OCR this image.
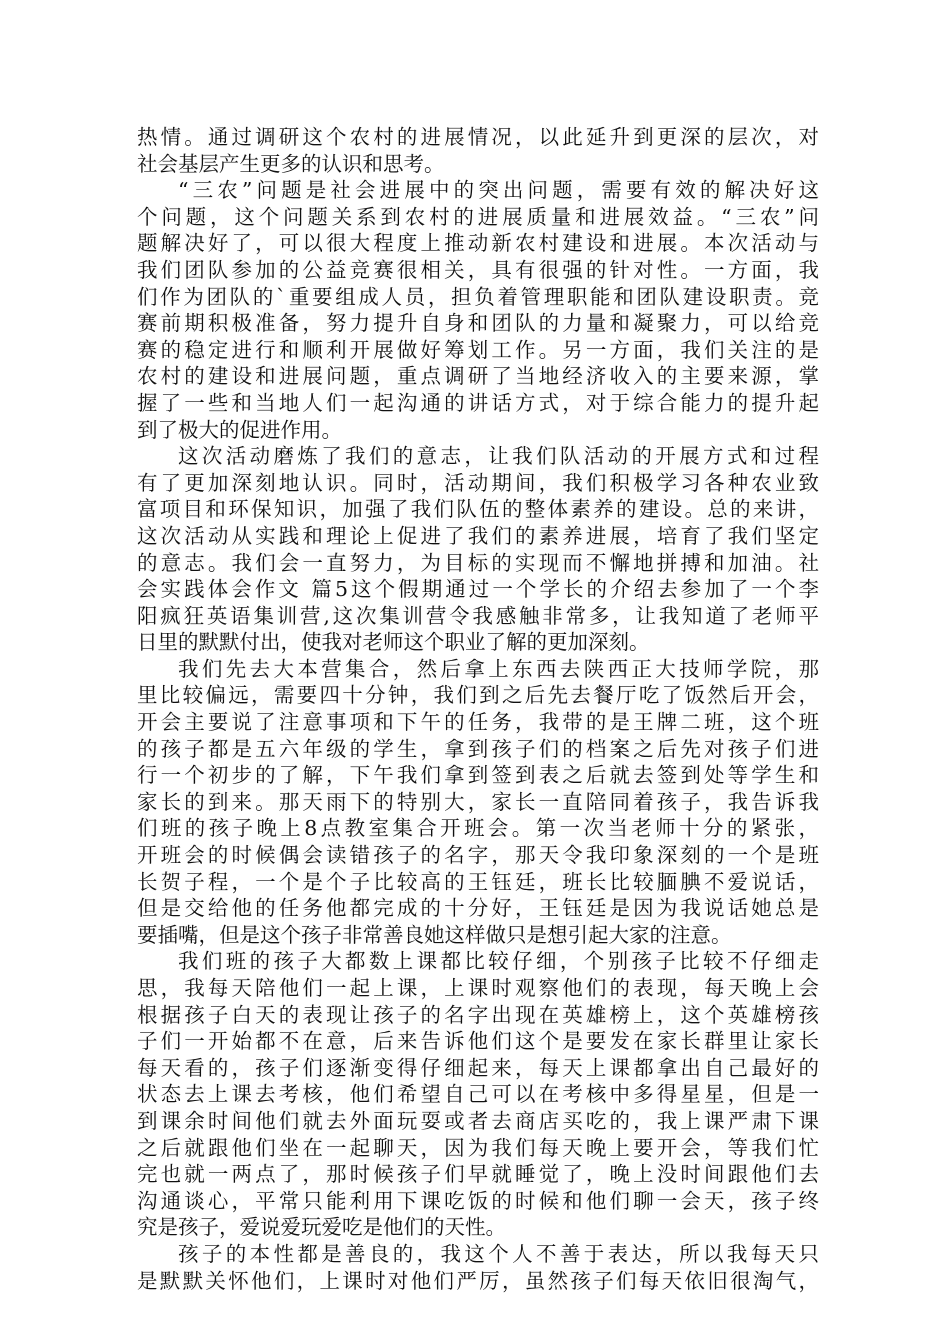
热情。通过调研这个农村的进展情况，以此延升到更深的层次，对
社会基层产生更多的认识和思考。
“三农”问题是社会进展中的突出问题，需要有效的解决好这
个问题，这个问题关系到农村的进展质量和进展效益。“三农”问
题解决好了，可以很大程度上推动新农村建设和进展。本次活动与
我们团队参加的公益竞赛很相关，具有很强的针对性。一方面，我
们作为团队的`重要组成人员，担负着管理职能和团队建设职责。竞
赛前期积极准备，努力提升自身和团队的力量和凝聚力，可以给竞
赛的稳定进行和顺利开展做好筹划工作。另一方面，我们关注的是
农村的建设和进展问题，重点调研了当地经济收入的主要来源，掌
握了一些和当地人们一起沟通的讲话方式，对于综合能力的提升起
到了极大的促进作用。
这次活动磨炼了我们的意志，让我们队活动的开展方式和过程
有了更加深刻地认识。同时，活动期间，我们积极学习各种农业致
富项目和环保知识，加强了我们队伍的整体素养的建设。总的来讲，
这次活动从实践和理论上促进了我们的素养进展，培育了我们坚定
的意志。我们会一直努力，为目标的实现而不懈地拼搏和加油。社
会实践体会作文 篇5这个假期通过一个学长的介绍去参加了一个李
阳疯狂英语集训营,这次集训营令我感触非常多，让我知道了老师平
日里的默默付出，使我对老师这个职业了解的更加深刻。
我们先去大本营集合，然后拿上东西去陕西正大技师学院，那
里比较偏远，需要四十分钟，我们到之后先去餐厅吃了饭然后开会，
开会主要说了注意事项和下午的任务，我带的是王牌二班，这个班
的孩子都是五六年级的学生，拿到孩子们的档案之后先对孩子们进
行一个初步的了解，下午我们拿到签到表之后就去签到处等学生和
家长的到来。那天雨下的特别大，家长一直陪同着孩子，我告诉我
们班的孩子晚上8点教室集合开班会。第一次当老师十分的紧张，
开班会的时候偶会读错孩子的名字，那天令我印象深刻的一个是班
长贺子程，一个是个子比较高的王钰廷，班长比较腼腆不爱说话，
但是交给他的任务他都完成的十分好，王钰廷是因为我说话她总是
要插嘴，但是这个孩子非常善良她这样做只是想引起大家的注意。
我们班的孩子大都数上课都比较仔细，个别孩子比较不仔细走
思，我每天陪他们一起上课，上课时观察他们的表现，每天晚上会
根据孩子白天的表现让孩子的名字出现在英雄榜上，这个英雄榜孩
子们一开始都不在意，后来告诉他们这个是要发在家长群里让家长
每天看的，孩子们逐渐变得仔细起来，每天上课都拿出自己最好的
状态去上课去考核，他们希望自己可以在考核中多得星星，但是一
到课余时间他们就去外面玩耍或者去商店买吃的，我上课严肃下课
之后就跟他们坐在一起聊天，因为我们每天晚上要开会，等我们忙
完也就一两点了，那时候孩子们早就睡觉了，晚上没时间跟他们去
沟通谈心，平常只能利用下课吃饭的时候和他们聊一会天，孩子终
究是孩子，爱说爱玩爱吃是他们的天性。
孩子的本性都是善良的，我这个人不善于表达，所以我每天只
是默默关怀他们，上课时对他们严厉，虽然孩子们每天依旧很淘气，
